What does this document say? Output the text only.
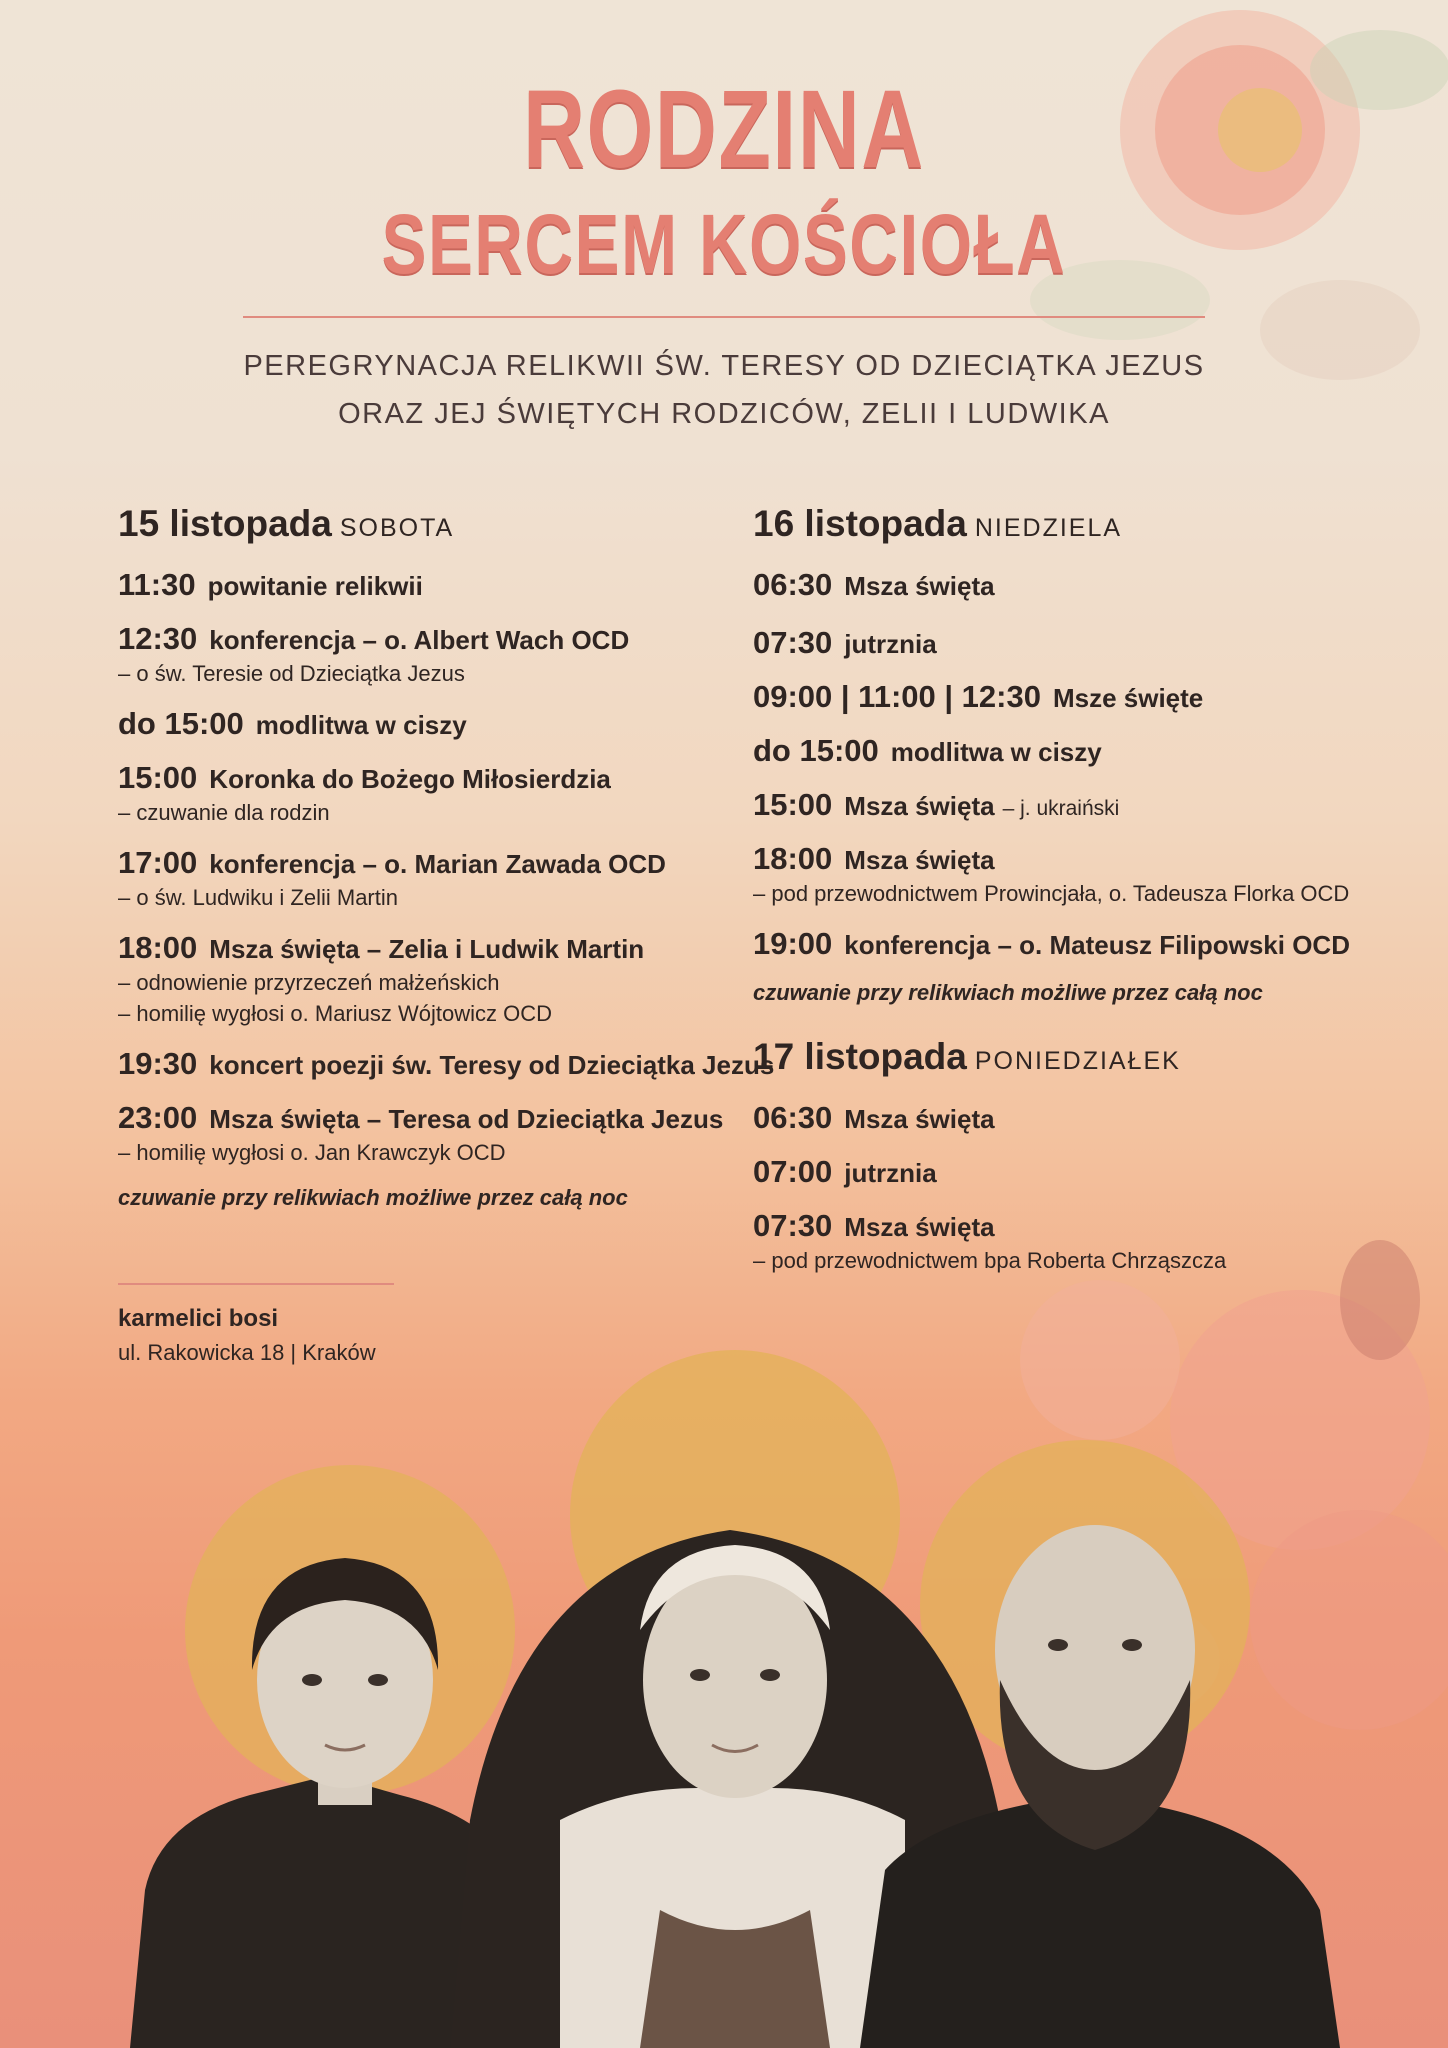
RODZINA
SERCEM KOŚCIOŁA
PEREGRYNACJA RELIKWII ŚW. TERESY OD DZIECIĄTKA JEZUS
ORAZ JEJ ŚWIĘTYCH RODZICÓW, ZELII I LUDWIKA
15 listopada SOBOTA
11:30 powitanie relikwii
12:30 konferencja – o. Albert Wach OCD
– o św. Teresie od Dzieciątka Jezus
do 15:00 modlitwa w ciszy
15:00 Koronka do Bożego Miłosierdzia
– czuwanie dla rodzin
17:00 konferencja – o. Marian Zawada OCD
– o św. Ludwiku i Zelii Martin
18:00 Msza święta – Zelia i Ludwik Martin
– odnowienie przyrzeczeń małżeńskich
– homilię wygłosi o. Mariusz Wójtowicz OCD
19:30 koncert poezji św. Teresy od Dzieciątka Jezus
23:00 Msza święta – Teresa od Dzieciątka Jezus
– homilię wygłosi o. Jan Krawczyk OCD
czuwanie przy relikwiach możliwe przez całą noc
16 listopada NIEDZIELA
06:30 Msza święta
07:30 jutrznia
09:00 | 11:00 | 12:30 Msze święte
do 15:00 modlitwa w ciszy
15:00 Msza święta – j. ukraiński
18:00 Msza święta
– pod przewodnictwem Prowincjała, o. Tadeusza Florka OCD
19:00 konferencja – o. Mateusz Filipowski OCD
czuwanie przy relikwiach możliwe przez całą noc
17 listopada PONIEDZIAŁEK
06:30 Msza święta
07:00 jutrznia
07:30 Msza święta
– pod przewodnictwem bpa Roberta Chrząszcza
karmelici bosi
ul. Rakowicka 18 | Kraków
